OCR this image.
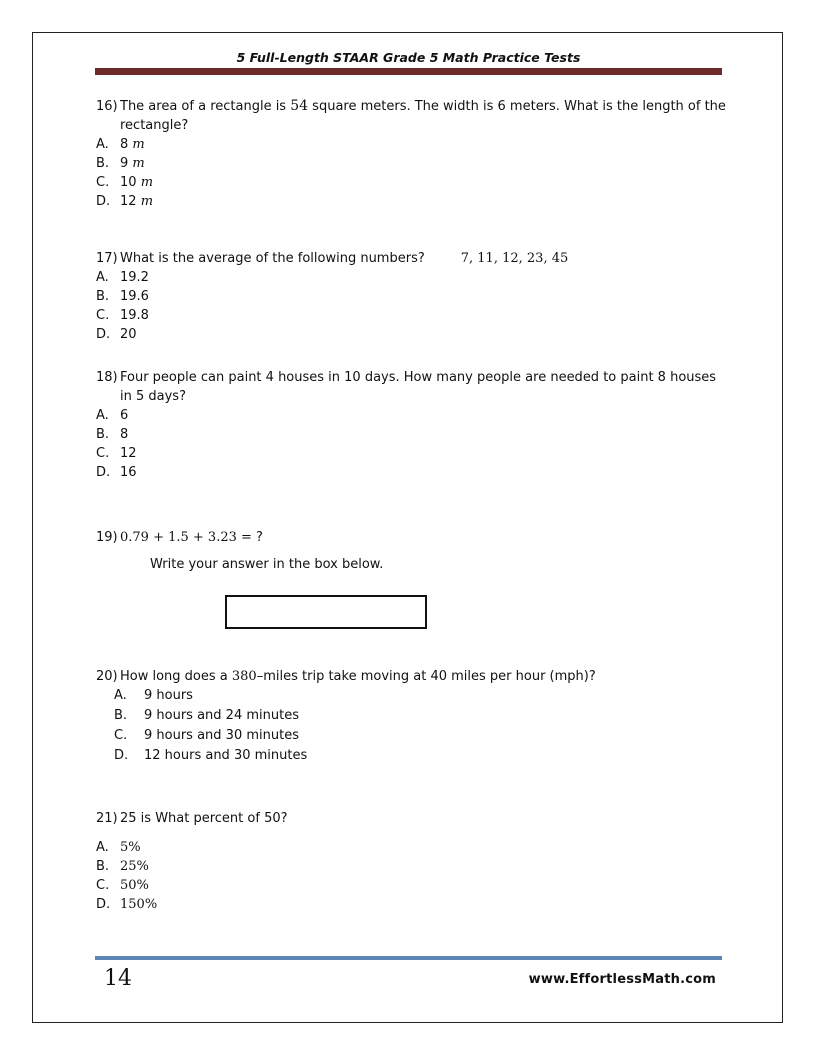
5 Full-Length STAAR Grade 5 Math Practice Tests
16) The area of a rectangle is 54 square meters. The width is 6 meters. What is the length of the rectangle?
A. 8
m
B. 9
m
C. 10
m
D. 12
m
17) What is the average of the following numbers?	7, 11, 12, 23, 45
A. 19.2
B. 19.6
C. 19.8
D. 20
18) Four people can paint 4 houses in 10 days. How many people are needed to paint 8 houses in 5 days?
A. 6
B. 8
C. 12
D. 16
19) 0.79 + 1.5 + 3.23 = ?
Write your answer in the box below.
20) How long does a 380–miles trip take moving at 40 miles per hour (mph)?
A.	9 hours
B.	9 hours and 24 minutes
C.	9 hours and 30 minutes
D.	12 hours and 30 minutes
21) 25 is What percent of 50?
A. 5%
B. 25%
C. 50%
D. 150%
14	www.EffortlessMath.com
